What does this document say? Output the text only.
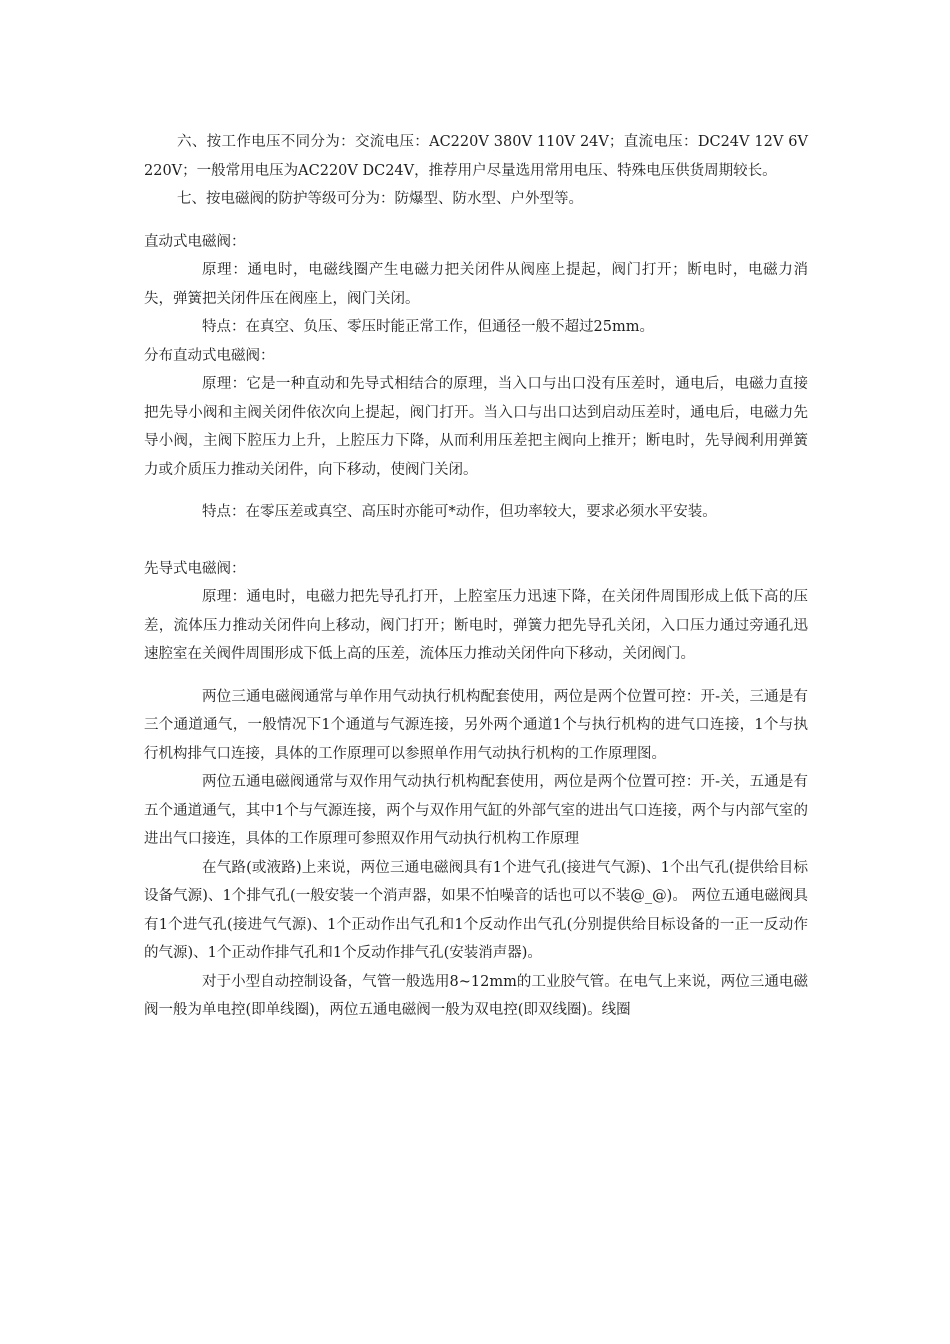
六、按工作电压不同分为：交流电压：AC220V 380V 110V 24V；直流电压：DC24V 12V 6V 220V；一般常用电压为AC220V DC24V，推荐用户尽量选用常用电压、特殊电压供货周期较长。

七、按电磁阀的防护等级可分为：防爆型、防水型、户外型等。

直动式电磁阀：

原理：通电时，电磁线圈产生电磁力把关闭件从阀座上提起，阀门打开；断电时，电磁力消失，弹簧把关闭件压在阀座上，阀门关闭。

特点：在真空、负压、零压时能正常工作，但通径一般不超过25mm。

分布直动式电磁阀：

原理：它是一种直动和先导式相结合的原理，当入口与出口没有压差时，通电后，电磁力直接把先导小阀和主阀关闭件依次向上提起，阀门打开。当入口与出口达到启动压差时，通电后，电磁力先导小阀，主阀下腔压力上升，上腔压力下降，从而利用压差把主阀向上推开；断电时，先导阀利用弹簧力或介质压力推动关闭件，向下移动，使阀门关闭。

特点：在零压差或真空、高压时亦能可*动作，但功率较大，要求必须水平安装。

先导式电磁阀：

原理：通电时，电磁力把先导孔打开，上腔室压力迅速下降，在关闭件周围形成上低下高的压差，流体压力推动关闭件向上移动，阀门打开；断电时，弹簧力把先导孔关闭，入口压力通过旁通孔迅速腔室在关阀件周围形成下低上高的压差，流体压力推动关闭件向下移动，关闭阀门。

两位三通电磁阀通常与单作用气动执行机构配套使用，两位是两个位置可控：开-关，三通是有三个通道通气，一般情况下1个通道与气源连接，另外两个通道1个与执行机构的进气口连接，1个与执行机构排气口连接，具体的工作原理可以参照单作用气动执行机构的工作原理图。

两位五通电磁阀通常与双作用气动执行机构配套使用，两位是两个位置可控：开-关，五通是有五个通道通气，其中1个与气源连接，两个与双作用气缸的外部气室的进出气口连接，两个与内部气室的进出气口接连，具体的工作原理可参照双作用气动执行机构工作原理

在气路(或液路)上来说，两位三通电磁阀具有1个进气孔(接进气气源)、1个出气孔(提供给目标设备气源)、1个排气孔(一般安装一个消声器，如果不怕噪音的话也可以不装@_@)。 两位五通电磁阀具有1个进气孔(接进气气源)、1个正动作出气孔和1个反动作出气孔(分别提供给目标设备的一正一反动作的气源)、1个正动作排气孔和1个反动作排气孔(安装消声器)。

对于小型自动控制设备，气管一般选用8~12mm的工业胶气管。在电气上来说，两位三通电磁阀一般为单电控(即单线圈)，两位五通电磁阀一般为双电控(即双线圈)。线圈
